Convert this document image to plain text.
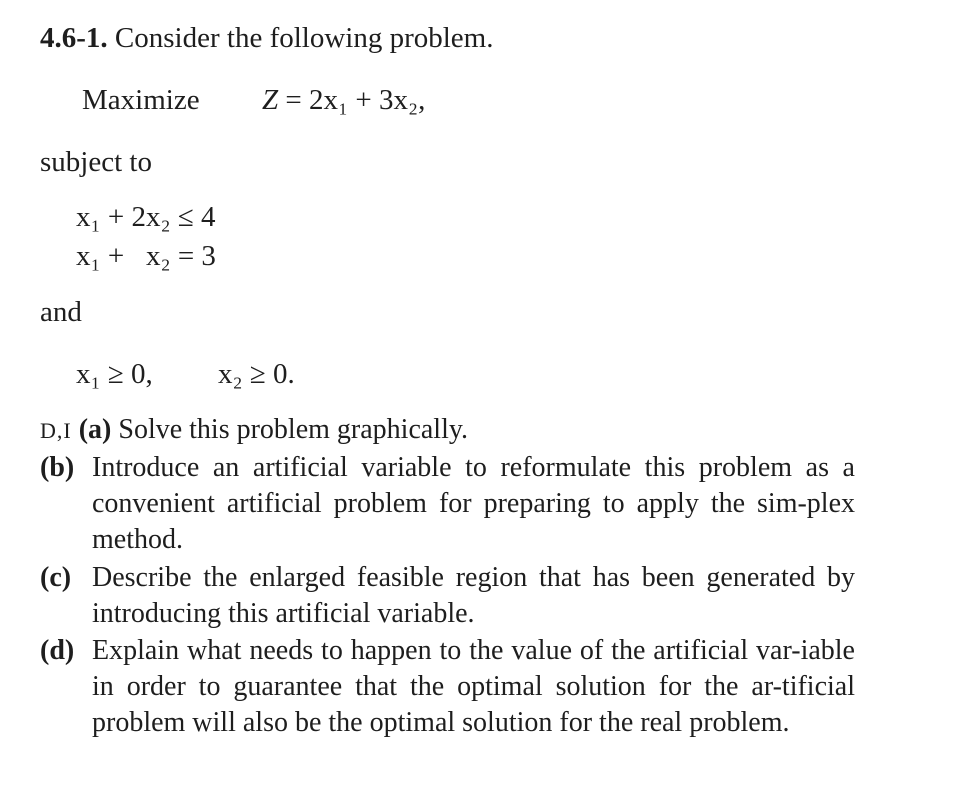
4.6-1. Consider the following problem.
Maximize Z = 2x₁ + 3x₂,
subject to
x₁ + 2x₂ ≤ 4
x₁ +   x₂ = 3
and
x₁ ≥ 0, x₂ ≥ 0.
D,I (a) Solve this problem graphically.
(b) Introduce an artificial variable to reformulate this problem as a convenient artificial problem for preparing to apply the sim-plex method.
(c) Describe the enlarged feasible region that has been generated by introducing this artificial variable.
(d) Explain what needs to happen to the value of the artificial var-iable in order to guarantee that the optimal solution for the ar-tificial problem will also be the optimal solution for the real problem.
